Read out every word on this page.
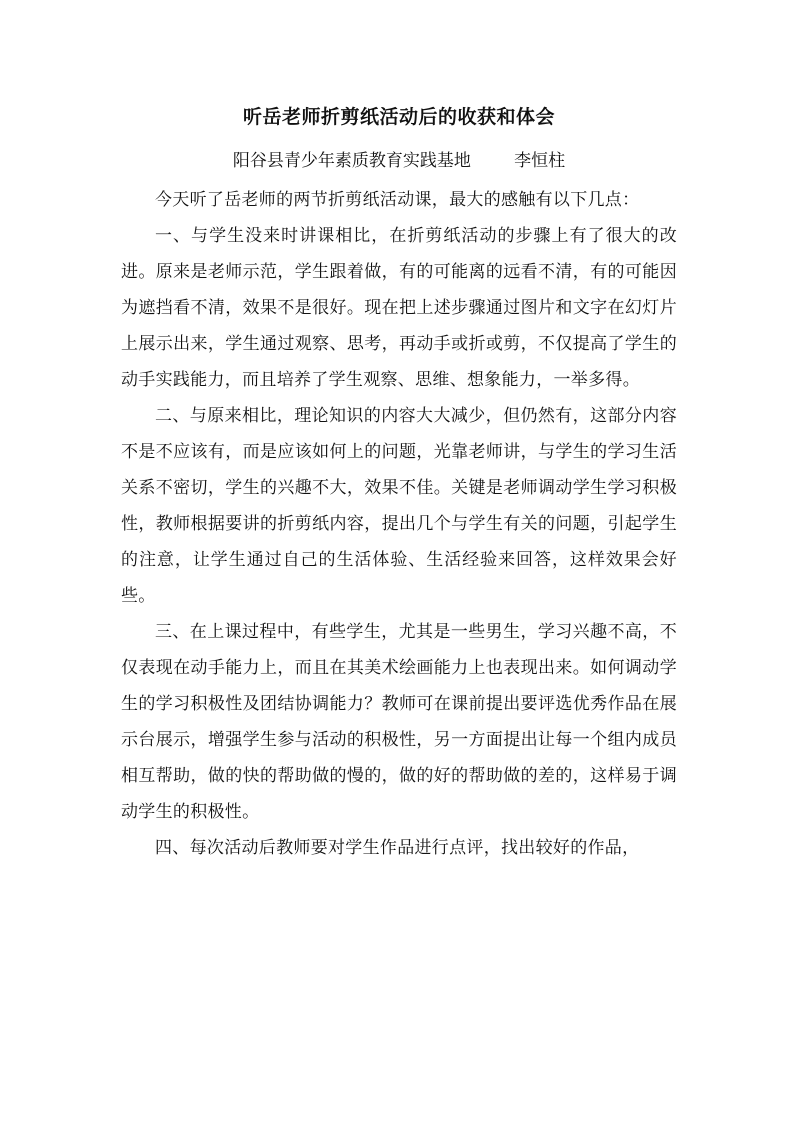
听岳老师折剪纸活动后的收获和体会
阳谷县青少年素质教育实践基地        李恒柱

今天听了岳老师的两节折剪纸活动课，最大的感触有以下几点：

一、与学生没来时讲课相比，在折剪纸活动的步骤上有了很大的改进。原来是老师示范，学生跟着做，有的可能离的远看不清，有的可能因为遮挡看不清，效果不是很好。现在把上述步骤通过图片和文字在幻灯片上展示出来，学生通过观察、思考，再动手或折或剪，不仅提高了学生的动手实践能力，而且培养了学生观察、思维、想象能力，一举多得。

二、与原来相比，理论知识的内容大大减少，但仍然有，这部分内容不是不应该有，而是应该如何上的问题，光靠老师讲，与学生的学习生活关系不密切，学生的兴趣不大，效果不佳。关键是老师调动学生学习积极性，教师根据要讲的折剪纸内容，提出几个与学生有关的问题，引起学生的注意，让学生通过自己的生活体验、生活经验来回答，这样效果会好些。

三、在上课过程中，有些学生，尤其是一些男生，学习兴趣不高，不仅表现在动手能力上，而且在其美术绘画能力上也表现出来。如何调动学生的学习积极性及团结协调能力？教师可在课前提出要评选优秀作品在展示台展示，增强学生参与活动的积极性，另一方面提出让每一个组内成员相互帮助，做的快的帮助做的慢的，做的好的帮助做的差的，这样易于调动学生的积极性。

四、每次活动后教师要对学生作品进行点评，找出较好的作品，
